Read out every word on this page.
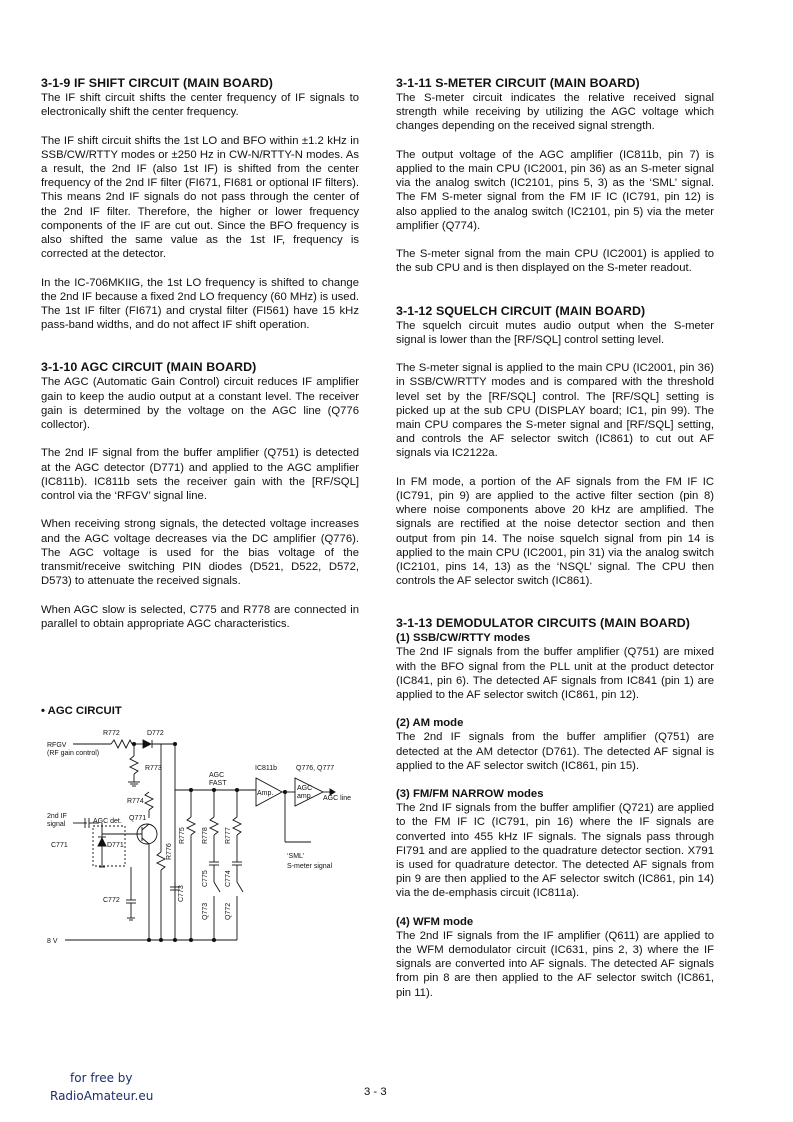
3-1-9 IF SHIFT CIRCUIT (MAIN BOARD)

The IF shift circuit shifts the center frequency of IF signals to electronically shift the center frequency.

The IF shift circuit shifts the 1st LO and BFO within ±1.2 kHz in SSB/CW/RTTY modes or ±250 Hz in CW-N/RTTY-N modes. As a result, the 2nd IF (also 1st IF) is shifted from the center frequency of the 2nd IF filter (FI671, FI681 or optional IF filters). This means 2nd IF signals do not pass through the center of the 2nd IF filter. Therefore, the higher or lower frequency components of the IF are cut out. Since the BFO frequency is also shifted the same value as the 1st IF, frequency is corrected at the detector.

In the IC-706MKIIG, the 1st LO frequency is shifted to change the 2nd IF because a fixed 2nd LO frequency (60 MHz) is used. The 1st IF filter (FI671) and crystal filter (FI561) have 15 kHz pass-band widths, and do not affect IF shift operation.

3-1-10 AGC CIRCUIT (MAIN BOARD)

The AGC (Automatic Gain Control) circuit reduces IF amplifier gain to keep the audio output at a constant level. The receiver gain is determined by the voltage on the AGC line (Q776 collector).

The 2nd IF signal from the buffer amplifier (Q751) is detected at the AGC detector (D771) and applied to the AGC amplifier (IC811b). IC811b sets the receiver gain with the [RF/SQL] control via the ‘RFGV’ signal line.

When receiving strong signals, the detected voltage increases and the AGC voltage decreases via the DC amplifier (Q776). The AGC voltage is used for the bias voltage of the transmit/receive switching PIN diodes (D521, D522, D572, D573) to attenuate the received signals.

When AGC slow is selected, C775 and R778 are connected in parallel to obtain appropriate AGC characteristics.

3-1-11 S-METER CIRCUIT (MAIN BOARD)

The S-meter circuit indicates the relative received signal strength while receiving by utilizing the AGC voltage which changes depending on the received signal strength.

The output voltage of the AGC amplifier (IC811b, pin 7) is applied to the main CPU (IC2001, pin 36) as an S-meter signal via the analog switch (IC2101, pins 5, 3) as the ‘SML’ signal. The FM S-meter signal from the FM IF IC (IC791, pin 12) is also applied to the analog switch (IC2101, pin 5) via the meter amplifier (Q774).

The S-meter signal from the main CPU (IC2001) is applied to the sub CPU and is then displayed on the S-meter readout.

3-1-12 SQUELCH CIRCUIT (MAIN BOARD)

The squelch circuit mutes audio output when the S-meter signal is lower than the [RF/SQL] control setting level.

The S-meter signal is applied to the main CPU (IC2001, pin 36) in SSB/CW/RTTY modes and is compared with the threshold level set by the [RF/SQL] control. The [RF/SQL] setting is picked up at the sub CPU (DISPLAY board; IC1, pin 99). The main CPU compares the S-meter signal and [RF/SQL] setting, and controls the AF selector switch (IC861) to cut out AF signals via IC2122a.

In FM mode, a portion of the AF signals from the FM IF IC (IC791, pin 9) are applied to the active filter section (pin 8) where noise components above 20 kHz are amplified. The signals are rectified at the noise detector section and then output from pin 14. The noise squelch signal from pin 14 is applied to the main CPU (IC2001, pin 31) via the analog switch (IC2101, pins 14, 13) as the ‘NSQL’ signal. The CPU then controls the AF selector switch (IC861).

3-1-13 DEMODULATOR CIRCUITS (MAIN BOARD)
(1) SSB/CW/RTTY modes

The 2nd IF signals from the buffer amplifier (Q751) are mixed with the BFO signal from the PLL unit at the product detector (IC841, pin 6). The detected AF signals from IC841 (pin 1) are applied to the AF selector switch (IC861, pin 12).

(2) AM mode

The 2nd IF signals from the buffer amplifier (Q751) are detected at the AM detector (D761). The detected AF signal is applied to the AF selector switch (IC861, pin 15).

(3) FM/FM NARROW modes

The 2nd IF signals from the buffer amplifier (Q721) are applied to the FM IF IC (IC791, pin 16) where the IF signals are converted into 455 kHz IF signals. The signals pass through FI791 and are applied to the quadrature detector section. X791 is used for quadrature detector. The detected AF signals from pin 9 are then applied to the AF selector switch (IC861, pin 14) via the de-emphasis circuit (IC811a).

(4) WFM mode

The 2nd IF signals from the IF amplifier (Q611) are applied to the WFM demodulator circuit (IC631, pins 2, 3) where the IF signals are converted into AF signals. The detected AF signals from pin 8 are then applied to the AF selector switch (IC861, pin 11).

• AGC CIRCUIT
RFGV
(RF gain control)
R772	D772
R773
R774
2nd IF
signal	AGC det.
C771	D771
Q771
R776
C773
C772
AGC
FAST
R775 R778
C775
Q773
R777
C774
Q772
IC811b
Amp.
‘SML’
S-meter signal
Q776, Q777
AGC
amp. AGC line
8 V
for free by
RadioAmateur.eu	3 - 3
